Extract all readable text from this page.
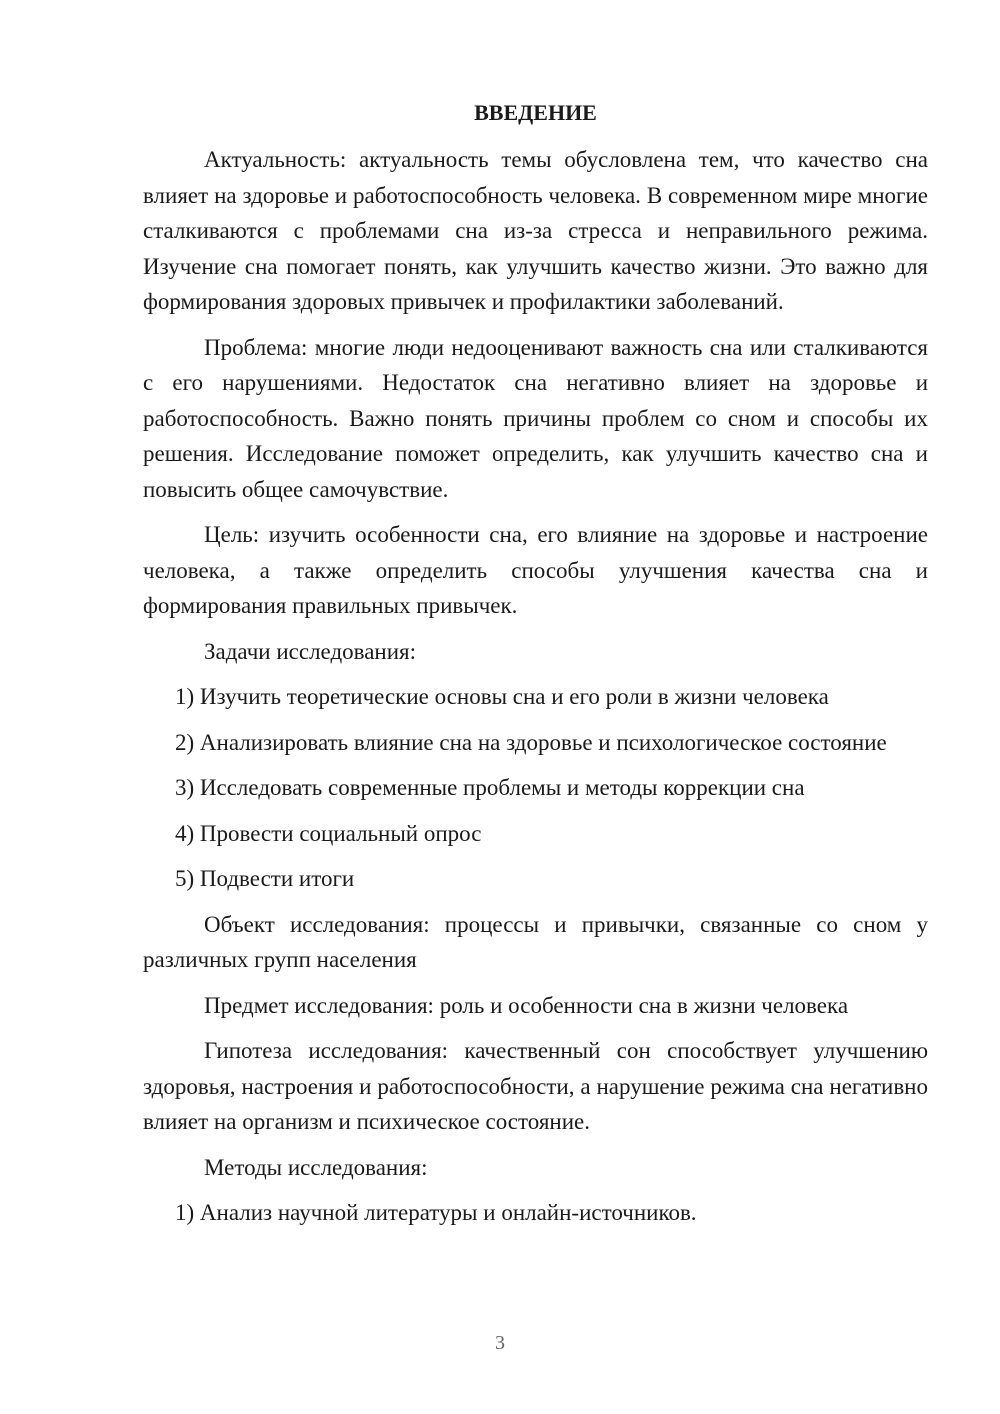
ВВЕДЕНИЕ

Актуальность: актуальность темы обусловлена тем, что качество сна влияет на здоровье и работоспособность человека. В современном мире многие сталкиваются с проблемами сна из-за стресса и неправильного режима. Изучение сна помогает понять, как улучшить качество жизни. Это важно для формирования здоровых привычек и профилактики заболеваний.

Проблема: многие люди недооценивают важность сна или сталкиваются с его нарушениями. Недостаток сна негативно влияет на здоровье и работоспособность. Важно понять причины проблем со сном и способы их решения. Исследование поможет определить, как улучшить качество сна и повысить общее самочувствие.

Цель: изучить особенности сна, его влияние на здоровье и настроение человека, а также определить способы улучшения качества сна и формирования правильных привычек.

Задачи исследования:

1) Изучить теоретические основы сна и его роли в жизни человека

2) Анализировать влияние сна на здоровье и психологическое состояние

3) Исследовать современные проблемы и методы коррекции сна

4) Провести социальный опрос

5) Подвести итоги

Объект исследования: процессы и привычки, связанные со сном у различных групп населения

Предмет исследования: роль и особенности сна в жизни человека

Гипотеза исследования: качественный сон способствует улучшению здоровья, настроения и работоспособности, а нарушение режима сна негативно влияет на организм и психическое состояние.

Методы исследования:

1) Анализ научной литературы и онлайн-источников.

3
